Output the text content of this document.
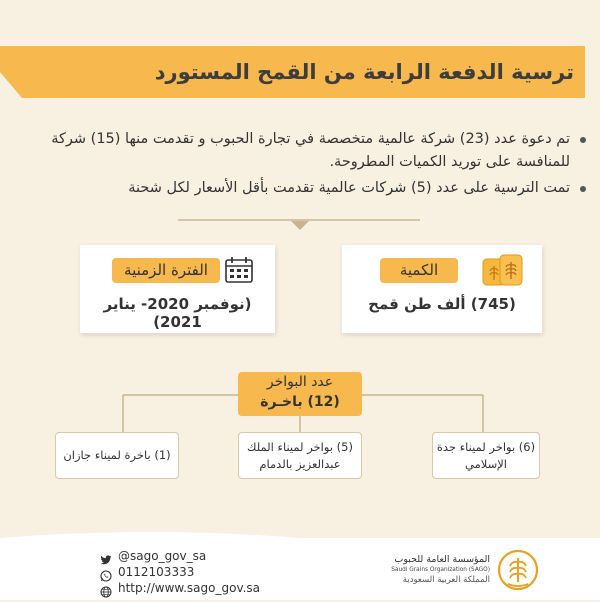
ترسية الدفعة الرابعة من القمح المستورد
تم دعوة عدد (23) شركة عالمية متخصصة في تجارة الحبوب و تقدمت منها (15) شركة للمنافسة على توريد الكميات المطروحة.
تمت الترسية على عدد (5) شركات عالمية تقدمت بأقل الأسعار لكل شحنة
الكمية
(745) ألف طن قمح
الفترة الزمنية
(نوفمبر 2020- يناير 2021)
عدد البواخر
(12) باخـرة
(6) بواخر لميناء جدة الإسلامي
(5) بواخر لميناء الملك عبدالعزيز بالدمام
(1) باخرة لميناء جازان
@sago_gov_sa
0112103333
http://www.sago_gov.sa
المؤسسة العامة للحبوب
Saudi Grains Organization (SAGO)
المملكة العربية السعودية
